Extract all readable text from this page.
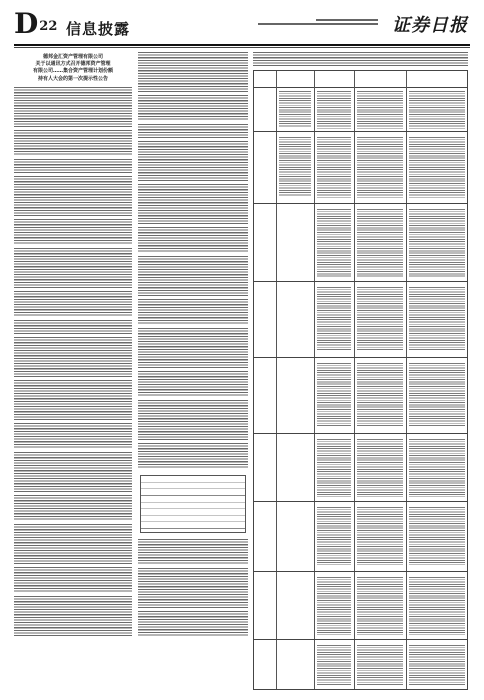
$D^{22}$ 信息披露	证券日报
德邦金汇资产管理有限公司
关于以通讯方式召开德邦资产管理
有限公司……集合资产管理计划份额
持有人大会的第一次提示性公告
